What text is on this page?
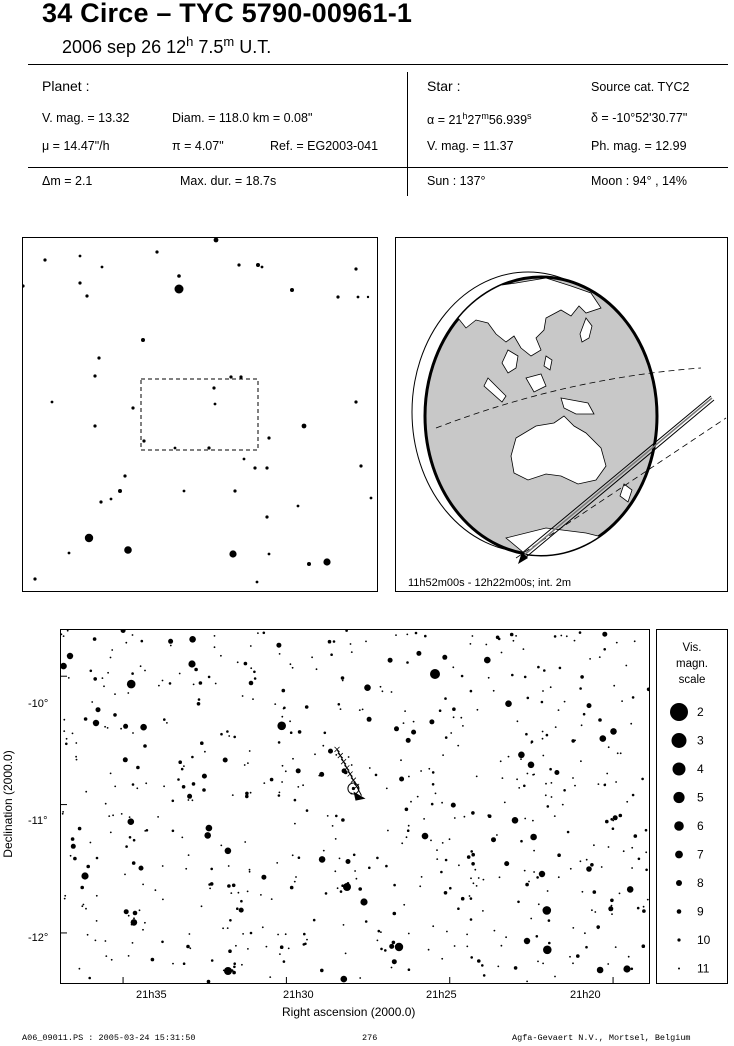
34 Circe – TYC 5790-00961-1
2006 sep 26 12$^h$ 7.5$^m$ U.T.
Planet :
V. mag. = 13.32	Diam. = 118.0 km = 0.08"
μ = 14.47"/h	π = 4.07"	Ref. = EG2003-041
Star :	Source cat. TYC2
$\alpha = 21^h27^m56.939^s$	δ = -10°52'30.77"
V. mag. = 11.37	Ph. mag. = 12.99
Δm = 2.1	Max. dur. = 18.7s	Sun : 137°	Moon : 94° , 14%
11h52m00s - 12h22m00s; int. 2m
Declination (2000.0)
-10°
-11°
-12°
21h35	21h30	21h25	21h20
Right ascension (2000.0)
Vis.
magn.
scale
2
3
4
5
6
7
8
9
10
11
A06_09011.PS : 2005-03-24 15:31:50	276	Agfa-Gevaert N.V., Mortsel, Belgium
